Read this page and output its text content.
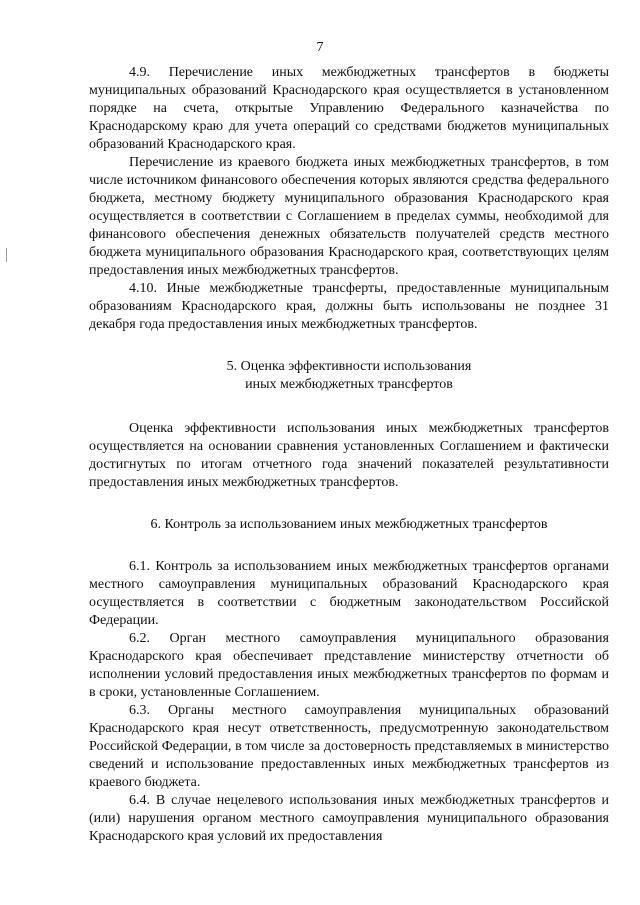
7

4.9. Перечисление иных межбюджетных трансфертов в бюджеты муниципальных образований Краснодарского края осуществляется в установленном порядке на счета, открытые Управлению Федерального казначейства по Краснодарскому краю для учета операций со средствами бюджетов муниципальных образований Краснодарского края.

Перечисление из краевого бюджета иных межбюджетных трансфертов, в том числе источником финансового обеспечения которых являются средства федерального бюджета, местному бюджету муниципального образования Краснодарского края осуществляется в соответствии с Соглашением в пределах суммы, необходимой для финансового обеспечения денежных обязательств получателей средств местного бюджета муниципального образования Краснодарского края, соответствующих целям предоставления иных межбюджетных трансфертов.

4.10. Иные межбюджетные трансферты, предоставленные муниципальным образованиям Краснодарского края, должны быть использованы не позднее 31 декабря года предоставления иных межбюджетных трансфертов.

5. Оценка эффективности использования
иных межбюджетных трансфертов

Оценка эффективности использования иных межбюджетных трансфертов осуществляется на основании сравнения установленных Соглашением и фактически достигнутых по итогам отчетного года значений показателей результативности предоставления иных межбюджетных трансфертов.

6. Контроль за использованием иных межбюджетных трансфертов

6.1. Контроль за использованием иных межбюджетных трансфертов органами местного самоуправления муниципальных образований Краснодарского края осуществляется в соответствии с бюджетным законодательством Российской Федерации.

6.2. Орган местного самоуправления муниципального образования Краснодарского края обеспечивает представление министерству отчетности об исполнении условий предоставления иных межбюджетных трансфертов по формам и в сроки, установленные Соглашением.

6.3. Органы местного самоуправления муниципальных образований Краснодарского края несут ответственность, предусмотренную законодательством Российской Федерации, в том числе за достоверность представляемых в министерство сведений и использование предоставленных иных межбюджетных трансфертов из краевого бюджета.

6.4. В случае нецелевого использования иных межбюджетных трансфертов и (или) нарушения органом местного самоуправления муниципального образования Краснодарского края условий их предоставления
